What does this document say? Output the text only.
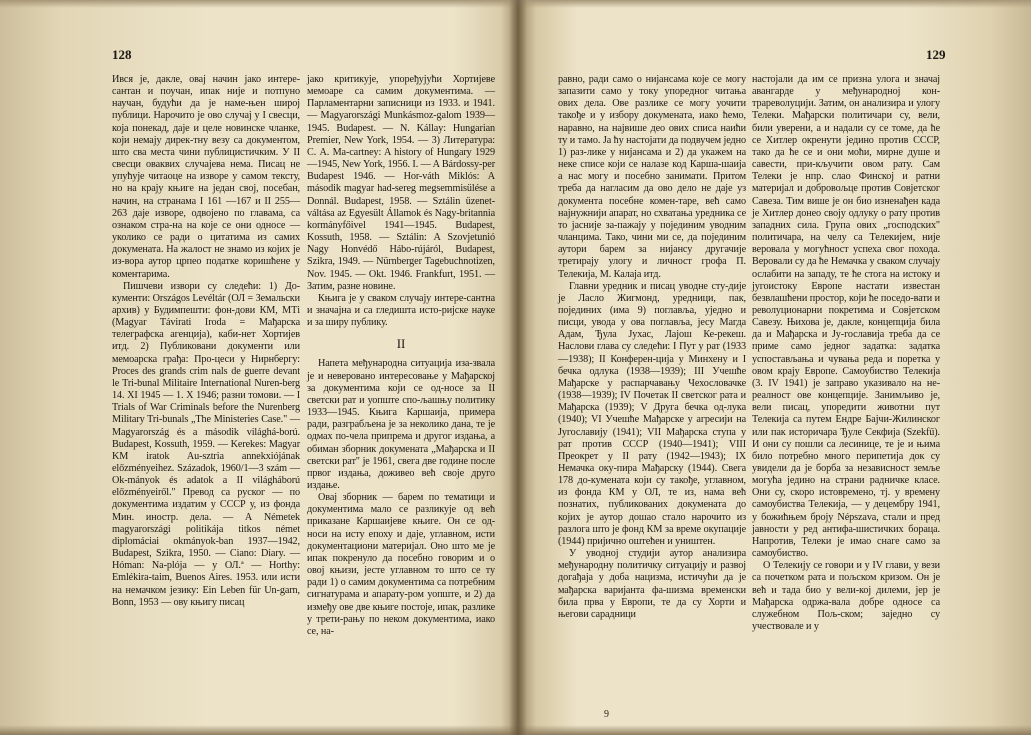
128

Ився је, дакле, овај начин јако интере-сантан и поучан, ипак није и потпуно научан, будући да је наме-њен широј публици. Нарочито је ово случај у I свесци, која понекад, даје и целе новинске чланке, који немају дирек-тну везу са документом, што сва места чини публицистичким. У II свесци оваквих случајева нема. Писац не упућује читаоце на изворе у самом тексту, но на крају књиге на један свој, посебан, начин, на странама I 161 —167 и II 255—263 даје изворе, одвојено по главама, са ознаком стра-на на које се они односе — уколико се ради о цитатима из самих докумената. На жалост не знамо из којих је из-вора аутор црпео податке коришћене у коментарима.

Пишчеви извори су следећи: 1) До-кументи: Országos Levéltár (ОЛ = Земальски архив) у Будимпешти: фон-дови КМ, МТі (Magyar Távirati Iroda = Мађарска телеграфска агенција), каби-нет Хортијев итд. 2) Публиковани документи или мемоарска грађа: Про-цеси у Нирнбергу: Proces des grands crim nals de guerre devant le Tri-bunal Militaire International Nuren-berg 14. XI 1945 — 1. X 1946; разни томови. — I Trials of War Criminals before the Nurenberg Military Tri-bunals „The Ministeries Case." — Magyarország és a második világhá-ború. Budapest, Kossuth, 1959. — Kerekes: Magyar KM iratok Au-sztria annekxiójának előzményeihez. Századok, 1960/1—3 szám — Ok-mányok és adatok a II világháború előzményeiről." Превод са руског — по документима издатим у СССР у, из фонда Мин. иностр. дела. — А Németek magyarországi politikája titkos német diplomáciai okmányok-ban 1937—1942, Budapest, Szikra, 1950. — Ciano: Diary. — Hóman: Na-plója — у ОЛ.ª — Horthy: Emlékira-taim, Buenos Aires. 1953. или исти на немачком језику: Ein Leben für Un-garn, Bonn, 1953 — ову књигу писац

јако критикује, упоређујући Хортијеве мемоаре са самим документима. — Парламентарни записници из 1933. и 1941. — Magyarországi Munkásmoz-galom 1939—1945. Budapest. — N. Kállay: Hungarian Premier, New York, 1954. — 3) Литература: С. А. Ма-cartney: A history of Hungary 1929 —1945, New York, 1956. I. — A Bárdossy-per Budapest 1946. — Hor-váth Miklós: A második magyar had-sereg megsemmisülése a Donnál. Budapest, 1958. — Sztálin üzenet-váltása az Egyesült Államok és Nagy-britannia kormányfőivel 1941—1945. Budapest, Kossuth, 1958. — Sztálin: A Szovjetunió Nagy Honvédő Hábo-rújáról, Budapest, Szikra, 1949. — Nürnberger Tagebuchnotizen, Nov. 1945. — Okt. 1946. Frankfurt, 1951. — Затим, разне новине.

Књига је у сваком случају интере-сантна и значајна и са гледишта исто-ријске науке и за ширу публику.

II

Напета међународна ситуација иза-звала је и неверовано интересовање у Мађарској за документима који се од-носе за II светски рат и уопште спо-љашњу политику 1933—1945. Књига Каршаија, примера ради, разграбљена је за неколико дана, те је одмах по-чела припрема и другог издања, а обиман зборник докумената „Мађарска и II светски рат" је 1961, свега две године после првог издања, доживео већ своје друго издање.

Овај зборник — барем по тематици и документима мало се разликује од већ приказане Каршаијеве књиге. Он се од-носи на исту епоху и даје, углавном, исти документациони материјал. Оно што ме је ипак покренуло да посебно говорим и о овој књизи, јесте углавном то што се ту ради 1) о самим документима са потребним сигнатурама и апарату-ром уопште, и 2) да између ове две књиге постоје, ипак, разлике у трети-рању по неком документима, иако се, на-

129

равно, ради само о нијансама које се могу запазити само у току упоредног читања ових дела. Ове разлике се могу уочити такође и у избору докумената, иако ћемо, наравно, на највише део ових списа наићи ту и тамо. Ја ћу настојати да подвучем једно 1) раз-лике у нијансама и 2) да укажем на неке списе који се налазе код Карша-шаија а нас могу и посебно занимати. Притом треба да нагласим да ово дело не даје уз документа посебне комен-таре, већ само најнужнији апарат, но схватања уредника се то јасније за-пажају у појединим уводним чланцима. Тако, чини ми се, да појединим аутори барем за нијансу другачије третирају улогу и личност грофа П. Телекија, М. Калаја итд.

Главни уредник и писац уводне сту-дије је Ласло Жигмонд, уредници, пак, појединих (има 9) поглавља, уједно и писци, увода у ова поглавља, јесу Магда Адам, Ђула Јухас, Лајош Ке-рекеш. Наслови глава су следећи: I Пут у рат (1933—1938); II Конферен-ција у Минхену и I бечка одлука (1938—1939); III Учешће Мађарске у распарчавању Чехословачке (1938—1939); IV Почетак II светског рата и Мађарска (1939); V Друга бечка од-лука (1940); VI Учешће Мађарске у агресији на Југославију (1941); VII Мађарска ступа у рат против СССР (1940—1941); VIII Преокрет у II рату (1942—1943); IX Немачка оку-пира Мађарску (1944). Свега 178 до-кумената који су такође, углавном, из фонда КМ у ОЛ, те из, нама већ познатих, публикованих докумената до којих је аутор дошао стало нарочито из разлога што је фонд КМ за време окупације (1944) пријично оштећен и уништен.

У уводној студији аутор анализира међународну политичку ситуацију и развој догађаја у доба нацизма, истичући да је мађарска варијанта фа-шизма временски била прва у Европи, те да су Хорти и његови сарадници

настојали да им се призна улога и значај авангарде у међународној кон-трареволуцији. Затим, он анализира и улогу Телеки. Мађарски политичари су, вели, били уверени, а и надали су се томе, да ће се Хитлер окренути једино против СССР, тако да ће се и они моћи, мирне душе и савести, при-кључити овом рату. Сам Телеки је нпр. слао Финској и ратни материјал и добровољце против Совјетског Савеза. Тим више је он био изненађен када је Хитлер донео своју одлуку о рату против западних сила. Група ових „господских" политичара, на челу са Телекијем, није веровала у могућност успеха свог похода. Веровали су да ће Немачка у сваком случају ослабити на западу, те ће стога на истоку и југоистоку Европе настати известан безвлашћени простор, који ће поседо-вати и револуционарни покретима и Совјетском Савезу. Њихова је, дакле, концепција била да и Мађарска и Ју-гославија треба да се приме само једног задатка: задатка успостављања и чувања реда и поретка у овом крају Европе. Самоубиство Телекија (3. IV 1941) је заправо указивало на не-реалност ове концепције. Занимљиво је, вели писац, упоредити животни пут Телекија са путем Ендре Бајчи-Жилинског или пак историчара Ђуле Секфија (Szekfű). И они су пошли са лесинице, те је и њима било потребно много перипетија док су увидели да је борба за независност земље могућа једино на страни радничке класе. Они су, скоро истовремено, тј. у времену самоубиства Телекија, — у децембру 1941, у божићњем броју Népszava, стали и пред јавности у ред антифа-шистичких бораца. Напротив, Телеки је имао снаге само за самоубиство.

О Телекију се говори и у IV глави, у вези са почетком рата и пољском кризом. Он је већ и тада био у вели-кој дилеми, јер је Мађарска одржа-вала добре односе са служебном Пољ-ском; заједно су учествовале и у

9
